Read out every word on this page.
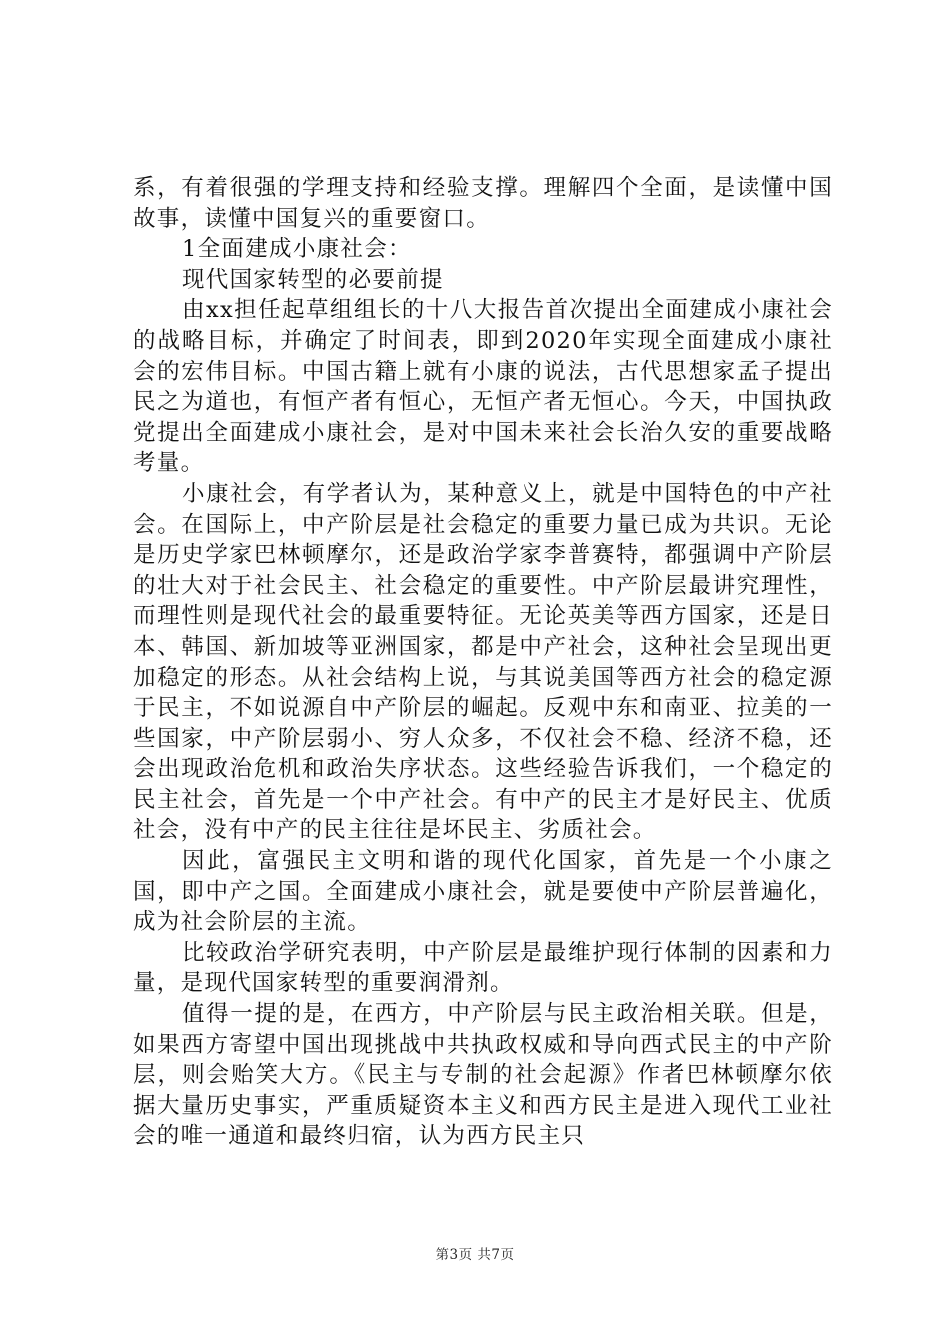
系，有着很强的学理支持和经验支撑。理解四个全面，是读懂中国故事，读懂中国复兴的重要窗口。

1全面建成小康社会：

现代国家转型的必要前提

由xx担任起草组组长的十八大报告首次提出全面建成小康社会的战略目标，并确定了时间表，即到2020年实现全面建成小康社会的宏伟目标。中国古籍上就有小康的说法，古代思想家孟子提出民之为道也，有恒产者有恒心，无恒产者无恒心。今天，中国执政党提出全面建成小康社会，是对中国未来社会长治久安的重要战略考量。

小康社会，有学者认为，某种意义上，就是中国特色的中产社会。在国际上，中产阶层是社会稳定的重要力量已成为共识。无论是历史学家巴林顿摩尔，还是政治学家李普赛特，都强调中产阶层的壮大对于社会民主、社会稳定的重要性。中产阶层最讲究理性，而理性则是现代社会的最重要特征。无论英美等西方国家，还是日本、韩国、新加坡等亚洲国家，都是中产社会，这种社会呈现出更加稳定的形态。从社会结构上说，与其说美国等西方社会的稳定源于民主，不如说源自中产阶层的崛起。反观中东和南亚、拉美的一些国家，中产阶层弱小、穷人众多，不仅社会不稳、经济不稳，还会出现政治危机和政治失序状态。这些经验告诉我们，一个稳定的民主社会，首先是一个中产社会。有中产的民主才是好民主、优质社会，没有中产的民主往往是坏民主、劣质社会。

因此，富强民主文明和谐的现代化国家，首先是一个小康之国，即中产之国。全面建成小康社会，就是要使中产阶层普遍化，成为社会阶层的主流。

比较政治学研究表明，中产阶层是最维护现行体制的因素和力量，是现代国家转型的重要润滑剂。

值得一提的是，在西方，中产阶层与民主政治相关联。但是，如果西方寄望中国出现挑战中共执政权威和导向西式民主的中产阶层，则会贻笑大方。《民主与专制的社会起源》作者巴林顿摩尔依据大量历史事实，严重质疑资本主义和西方民主是进入现代工业社会的唯一通道和最终归宿，认为西方民主只

第3页 共7页
